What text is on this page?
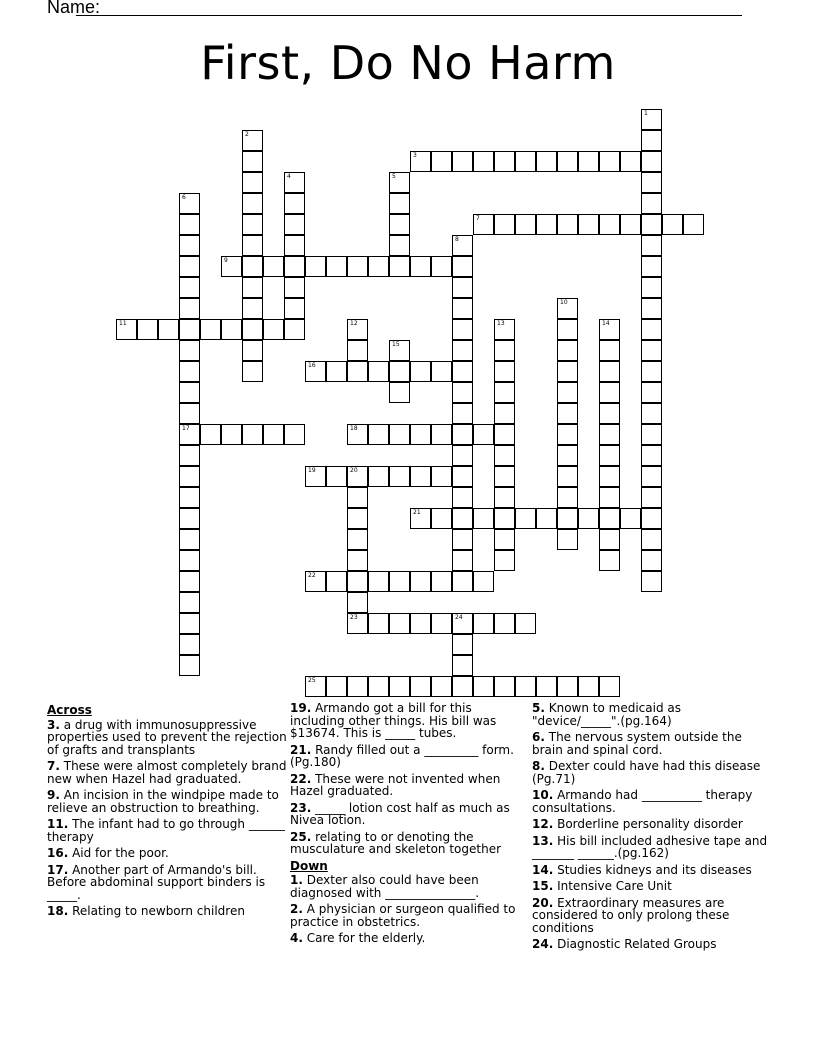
Name:
First, Do No Harm
1
2
3
4	5
6
17
7
8
9
10
11	12	13	14
15
16
18
19	20
23
21
22
24
25
Across
3. a drug with immunosuppressive properties used to prevent the rejection of grafts and transplants
7. These were almost completely brand new when Hazel had graduated.
9. An incision in the windpipe made to relieve an obstruction to breathing.
11. The infant had to go through ______ therapy
16. Aid for the poor.
17. Another part of Armando's bill. Before abdominal support binders is _____.
18. Relating to newborn children
19. Armando got a bill for this including other things. His bill was $13674. This is _____ tubes.
21. Randy filled out a _________ form. (Pg.180)
22. These were not invented when Hazel graduated.
23. _____ lotion cost half as much as Nivea lotion.
25. relating to or denoting the musculature and skeleton together
Down
1. Dexter also could have been diagnosed with _______________.
2. A physician or surgeon qualified to practice in obstetrics.
4. Care for the elderly.
5. Known to medicaid as "device/_____".(pg.164)
6. The nervous system outside the brain and spinal cord.
8. Dexter could have had this disease (Pg.71)
10. Armando had __________ therapy consultations.
12. Borderline personality disorder
13. His bill included adhesive tape and _______ ______.(pg.162)
14. Studies kidneys and its diseases
15. Intensive Care Unit
20. Extraordinary measures are considered to only prolong these conditions
24. Diagnostic Related Groups
